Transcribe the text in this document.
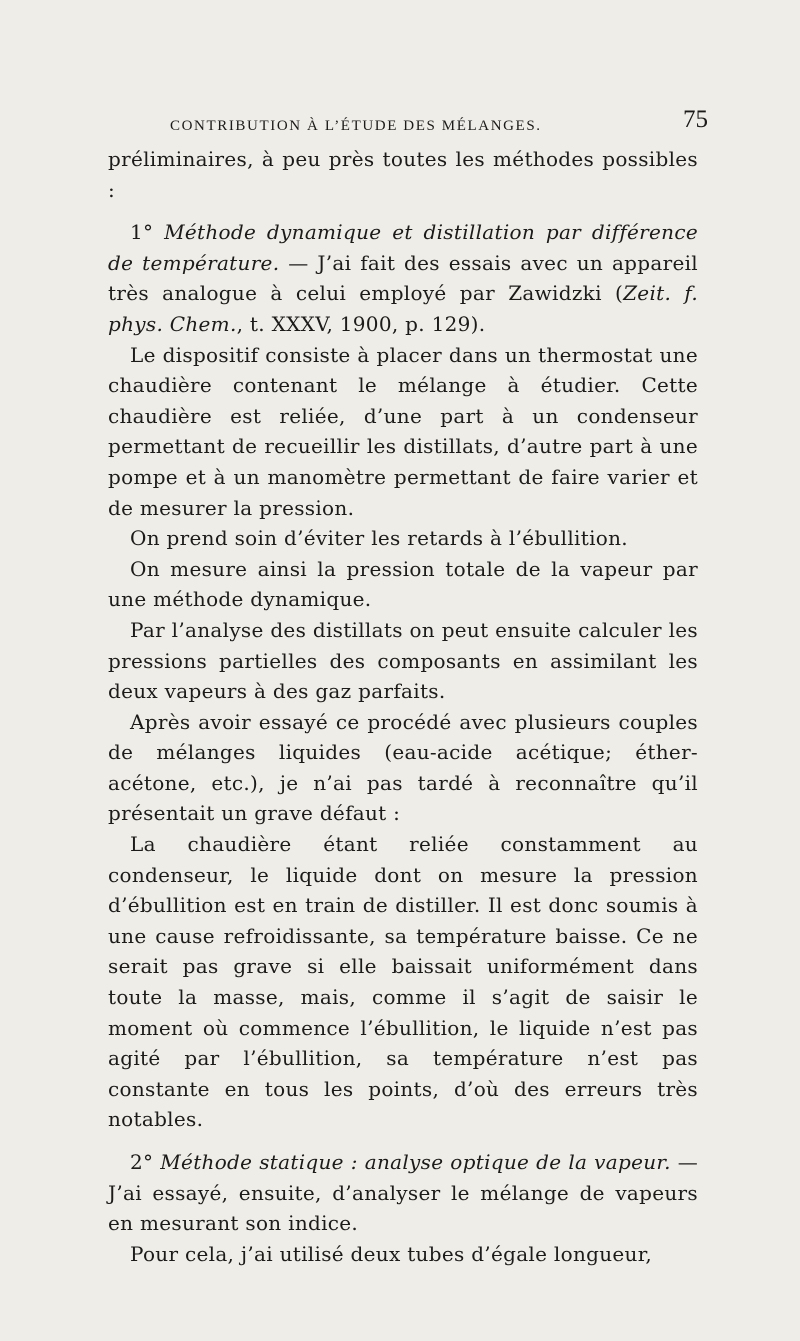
CONTRIBUTION À L’ÉTUDE DES MÉLANGES.	75

préliminaires, à peu près toutes les méthodes possibles :

1° Méthode dynamique et distillation par différence de température. — J’ai fait des essais avec un appareil très analogue à celui employé par Zawidzki (Zeit. f. phys. Chem., t. XXXV, 1900, p. 129).

Le dispositif consiste à placer dans un thermostat une chaudière contenant le mélange à étudier. Cette chaudière est reliée, d’une part à un condenseur permettant de recueillir les distillats, d’autre part à une pompe et à un manomètre permettant de faire varier et de mesurer la pression.

On prend soin d’éviter les retards à l’ébullition.

On mesure ainsi la pression totale de la vapeur par une méthode dynamique.

Par l’analyse des distillats on peut ensuite calculer les pressions partielles des composants en assimilant les deux vapeurs à des gaz parfaits.

Après avoir essayé ce procédé avec plusieurs couples de mélanges liquides (eau-acide acétique; éther-acétone, etc.), je n’ai pas tardé à reconnaître qu’il présentait un grave défaut :

La chaudière étant reliée constamment au condenseur, le liquide dont on mesure la pression d’ébullition est en train de distiller. Il est donc soumis à une cause refroidissante, sa température baisse. Ce ne serait pas grave si elle baissait uniformément dans toute la masse, mais, comme il s’agit de saisir le moment où commence l’ébullition, le liquide n’est pas agité par l’ébullition, sa température n’est pas constante en tous les points, d’où des erreurs très notables.

2° Méthode statique : analyse optique de la vapeur. — J’ai essayé, ensuite, d’analyser le mélange de vapeurs en mesurant son indice.

Pour cela, j’ai utilisé deux tubes d’égale longueur,
